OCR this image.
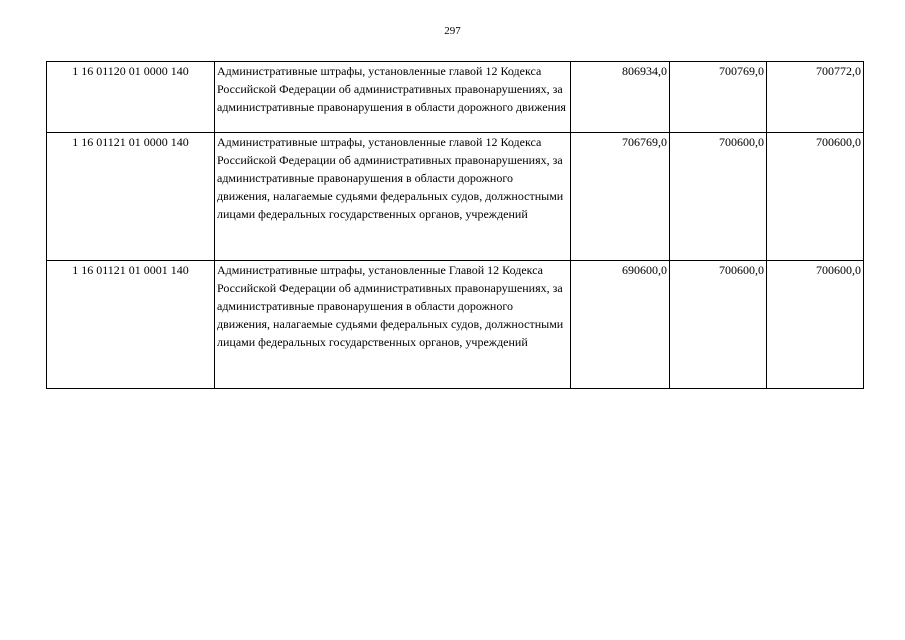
297
1 16 01120 01 0000 140	Административные штрафы, установленные главой 12 Кодекса Российской Федерации об административных правонарушениях, за административные правонарушения в области дорожного движения	806934,0	700769,0	700772,0
1 16 01121 01 0000 140	Административные штрафы, установленные главой 12 Кодекса Российской Федерации об административных правонарушениях, за административные правонарушения в области дорожного движения, налагаемые судьями федеральных судов, должностными лицами федеральных государственных органов, учреждений	706769,0	700600,0	700600,0
1 16 01121 01 0001 140	Административные штрафы, установленные Главой 12 Кодекса Российской Федерации об административных правонарушениях, за административные правонарушения в области дорожного движения, налагаемые судьями федеральных судов, должностными лицами федеральных государственных органов, учреждений	690600,0	700600,0	700600,0
